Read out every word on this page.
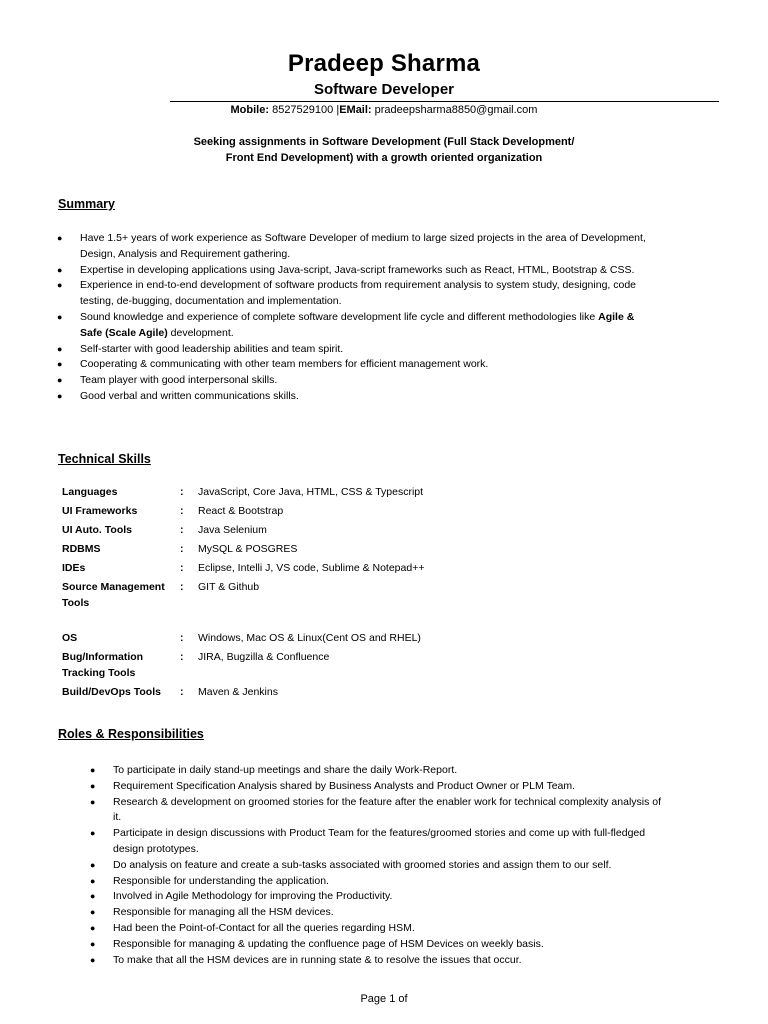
Pradeep Sharma
Software Developer
Mobile: 8527529100 |EMail: pradeepsharma8850@gmail.com
Seeking assignments in Software Development (Full Stack Development/
Front End Development) with a growth oriented organization
Summary
● Have 1.5+ years of work experience as Software Developer of medium to large sized projects in the area of Development, Design, Analysis and Requirement gathering.
● Expertise in developing applications using Java-script, Java-script frameworks such as React, HTML, Bootstrap & CSS.
● Experience in end-to-end development of software products from requirement analysis to system study, designing, code testing, de-bugging, documentation and implementation.
● Sound knowledge and experience of complete software development life cycle and different methodologies like Agile & Safe (Scale Agile) development.
● Self-starter with good leadership abilities and team spirit.
● Cooperating & communicating with other team members for efficient management work.
● Team player with good interpersonal skills.
● Good verbal and written communications skills.
Technical Skills
Languages	:	JavaScript, Core Java, HTML, CSS & Typescript

UI Frameworks	:	React & Bootstrap

UI Auto. Tools	:	Java Selenium

RDBMS	:	MySQL & POSGRES

IDEs	:	Eclipse, Intelli J, VS code, Sublime & Notepad++

Source Management Tools	:	GIT & Github

OS	:	Windows, Mac OS & Linux(Cent OS and RHEL)

Bug/Information Tracking Tools	:	JIRA, Bugzilla & Confluence

Build/DevOps Tools	:	Maven & Jenkins

Roles & Responsibilities
● To participate in daily stand-up meetings and share the daily Work-Report.
● Requirement Specification Analysis shared by Business Analysts and Product Owner or PLM Team.
● Research & development on groomed stories for the feature after the enabler work for technical complexity analysis of it.
● Participate in design discussions with Product Team for the features/groomed stories and come up with full-fledged design prototypes.
● Do analysis on feature and create a sub-tasks associated with groomed stories and assign them to our self.
● Responsible for understanding the application.
● Involved in Agile Methodology for improving the Productivity.
● Responsible for managing all the HSM devices.
● Had been the Point-of-Contact for all the queries regarding HSM.
● Responsible for managing & updating the confluence page of HSM Devices on weekly basis.
● To make that all the HSM devices are in running state & to resolve the issues that occur.
Page 1 of
